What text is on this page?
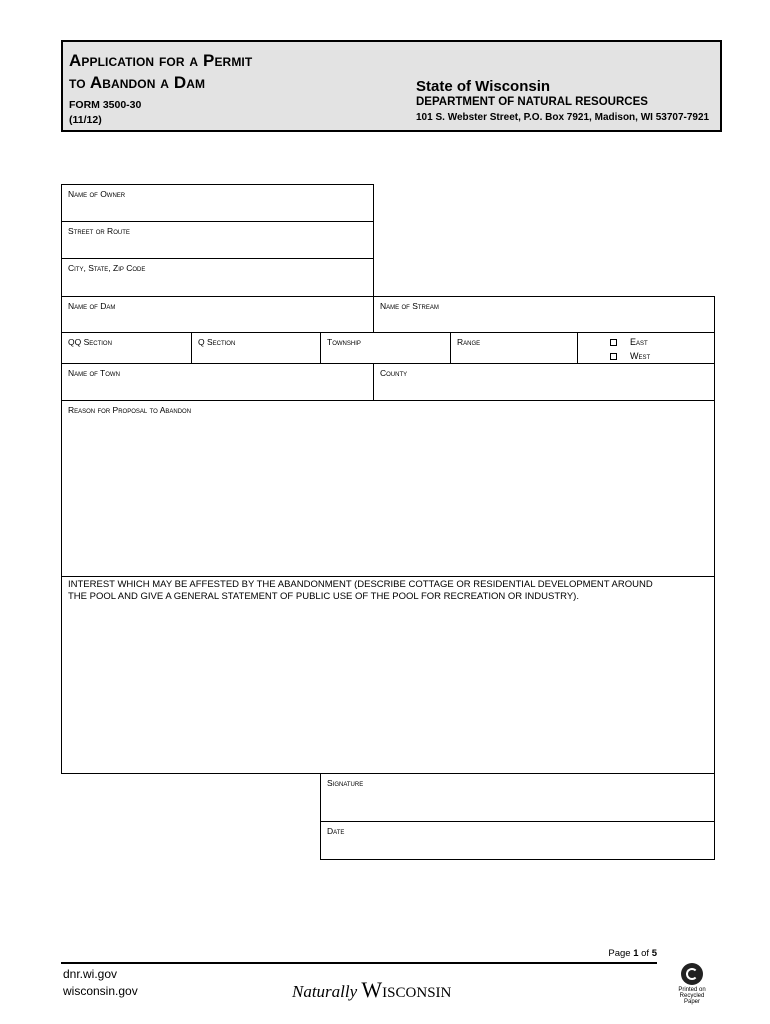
Application for a Permit
to Abandon a Dam
FORM 3500-30
(11/12)
State of Wisconsin
DEPARTMENT OF NATURAL RESOURCES
101 S. Webster Street, P.O. Box 7921, Madison, WI 53707-7921
Name of Owner
Street or Route
City, State, Zip Code
Name of Dam	Name of Stream
QQ Section	Q Section	Township	Range	East
West
Name of Town	County
Reason for Proposal to Abandon
INTEREST WHICH MAY BE AFFESTED BY THE ABANDONMENT (DESCRIBE COTTAGE OR RESIDENTIAL DEVELOPMENT AROUND THE POOL AND GIVE A GENERAL STATEMENT OF PUBLIC USE OF THE POOL FOR RECREATION OR INDUSTRY).
Signature
Date
Page 1 of 5
dnr.wi.gov
wisconsin.gov	Naturally Wisconsin	Printed on
Recycled
Paper
